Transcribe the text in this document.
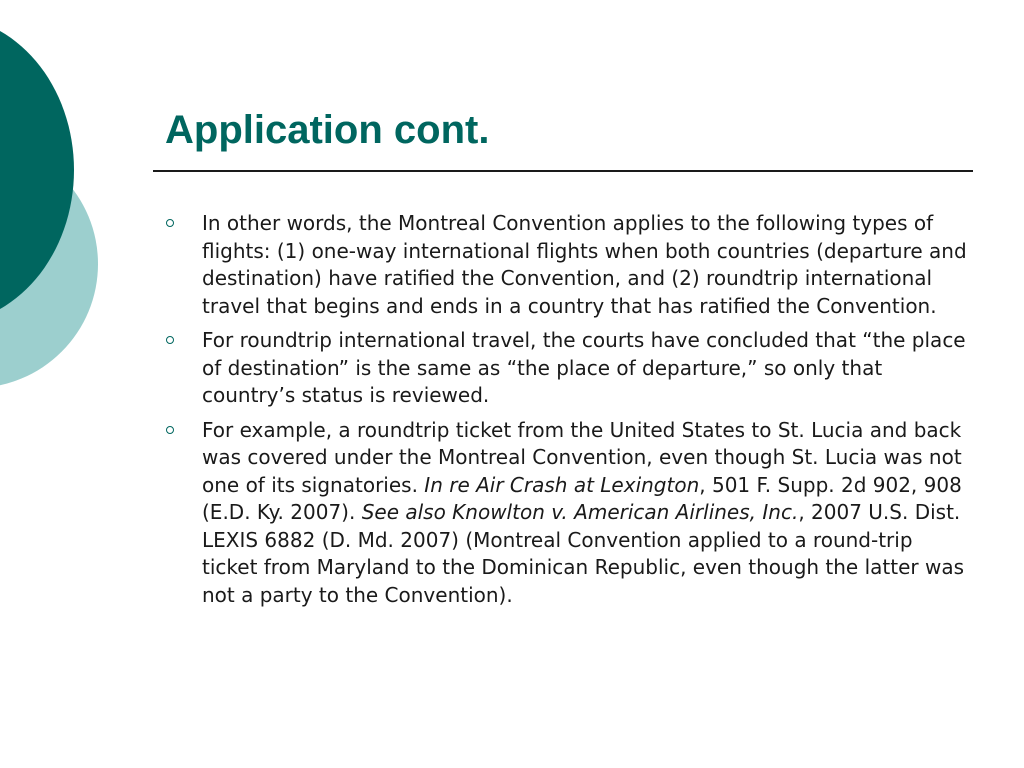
Application cont.
In other words, the Montreal Convention applies to the following types of flights: (1) one-way international flights when both countries (departure and destination) have ratified the Convention, and (2) roundtrip international travel that begins and ends in a country that has ratified the Convention.
For roundtrip international travel, the courts have concluded that “the place of destination” is the same as “the place of departure,” so only that country’s status is reviewed.
For example, a roundtrip ticket from the United States to St. Lucia and back was covered under the Montreal Convention, even though St. Lucia was not one of its signatories. In re Air Crash at Lexington, 501 F. Supp. 2d 902, 908 (E.D. Ky. 2007). See also Knowlton v. American Airlines, Inc., 2007 U.S. Dist. LEXIS 6882 (D. Md. 2007) (Montreal Convention applied to a round-trip ticket from Maryland to the Dominican Republic, even though the latter was not a party to the Convention).
